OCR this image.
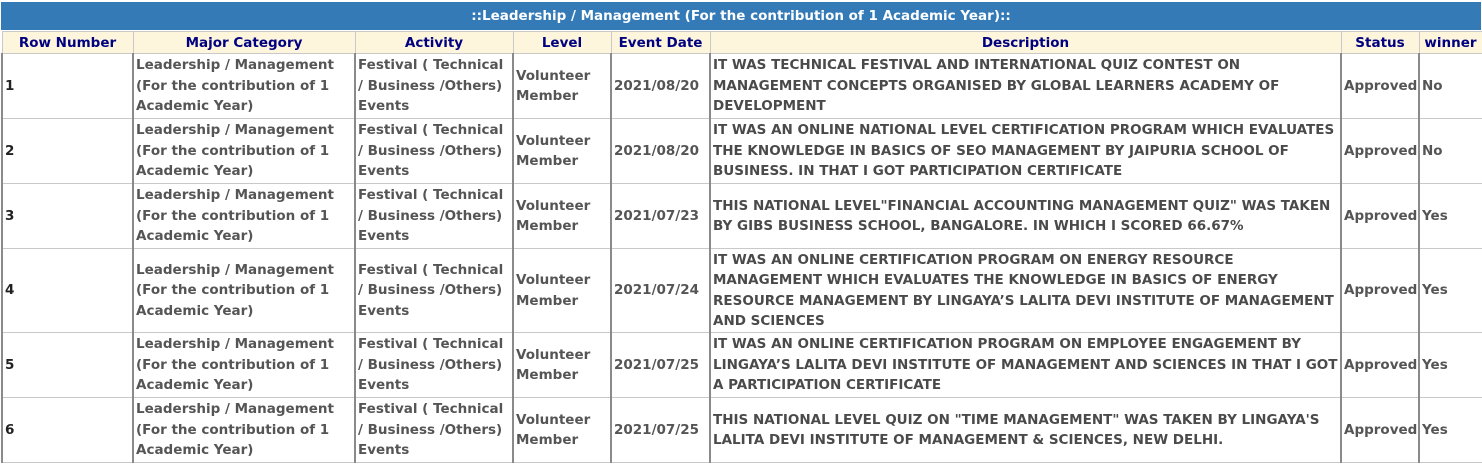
::Leadership / Management (For the contribution of 1 Academic Year)::
Row Number	Major Category	Activity	Level	Event Date	Description	Status	winner
1	Leadership / Management (For the contribution of 1 Academic Year)	Festival ( Technical / Business /Others) Events	Volunteer Member	2021/08/20	IT WAS TECHNICAL FESTIVAL AND INTERNATIONAL QUIZ CONTEST ON MANAGEMENT CONCEPTS ORGANISED BY GLOBAL LEARNERS ACADEMY OF DEVELOPMENT	Approved	No
2	Leadership / Management (For the contribution of 1 Academic Year)	Festival ( Technical / Business /Others) Events	Volunteer Member	2021/08/20	IT WAS AN ONLINE NATIONAL LEVEL CERTIFICATION PROGRAM WHICH EVALUATES THE KNOWLEDGE IN BASICS OF SEO MANAGEMENT BY JAIPURIA SCHOOL OF BUSINESS. IN THAT I GOT PARTICIPATION CERTIFICATE	Approved	No
3	Leadership / Management (For the contribution of 1 Academic Year)	Festival ( Technical / Business /Others) Events	Volunteer Member	2021/07/23	THIS NATIONAL LEVEL"FINANCIAL ACCOUNTING MANAGEMENT QUIZ" WAS TAKEN BY GIBS BUSINESS SCHOOL, BANGALORE. IN WHICH I SCORED 66.67%	Approved	Yes
4	Leadership / Management (For the contribution of 1 Academic Year)	Festival ( Technical / Business /Others) Events	Volunteer Member	2021/07/24	IT WAS AN ONLINE CERTIFICATION PROGRAM ON ENERGY RESOURCE MANAGEMENT WHICH EVALUATES THE KNOWLEDGE IN BASICS OF ENERGY RESOURCE MANAGEMENT BY LINGAYA’S LALITA DEVI INSTITUTE OF MANAGEMENT AND SCIENCES	Approved	Yes
5	Leadership / Management (For the contribution of 1 Academic Year)	Festival ( Technical / Business /Others) Events	Volunteer Member	2021/07/25	IT WAS AN ONLINE CERTIFICATION PROGRAM ON EMPLOYEE ENGAGEMENT BY LINGAYA’S LALITA DEVI INSTITUTE OF MANAGEMENT AND SCIENCES IN THAT I GOT A PARTICIPATION CERTIFICATE	Approved	Yes
6	Leadership / Management (For the contribution of 1 Academic Year)	Festival ( Technical / Business /Others) Events	Volunteer Member	2021/07/25	THIS NATIONAL LEVEL QUIZ ON "TIME MANAGEMENT" WAS TAKEN BY LINGAYA'S LALITA DEVI INSTITUTE OF MANAGEMENT & SCIENCES, NEW DELHI.	Approved	Yes
